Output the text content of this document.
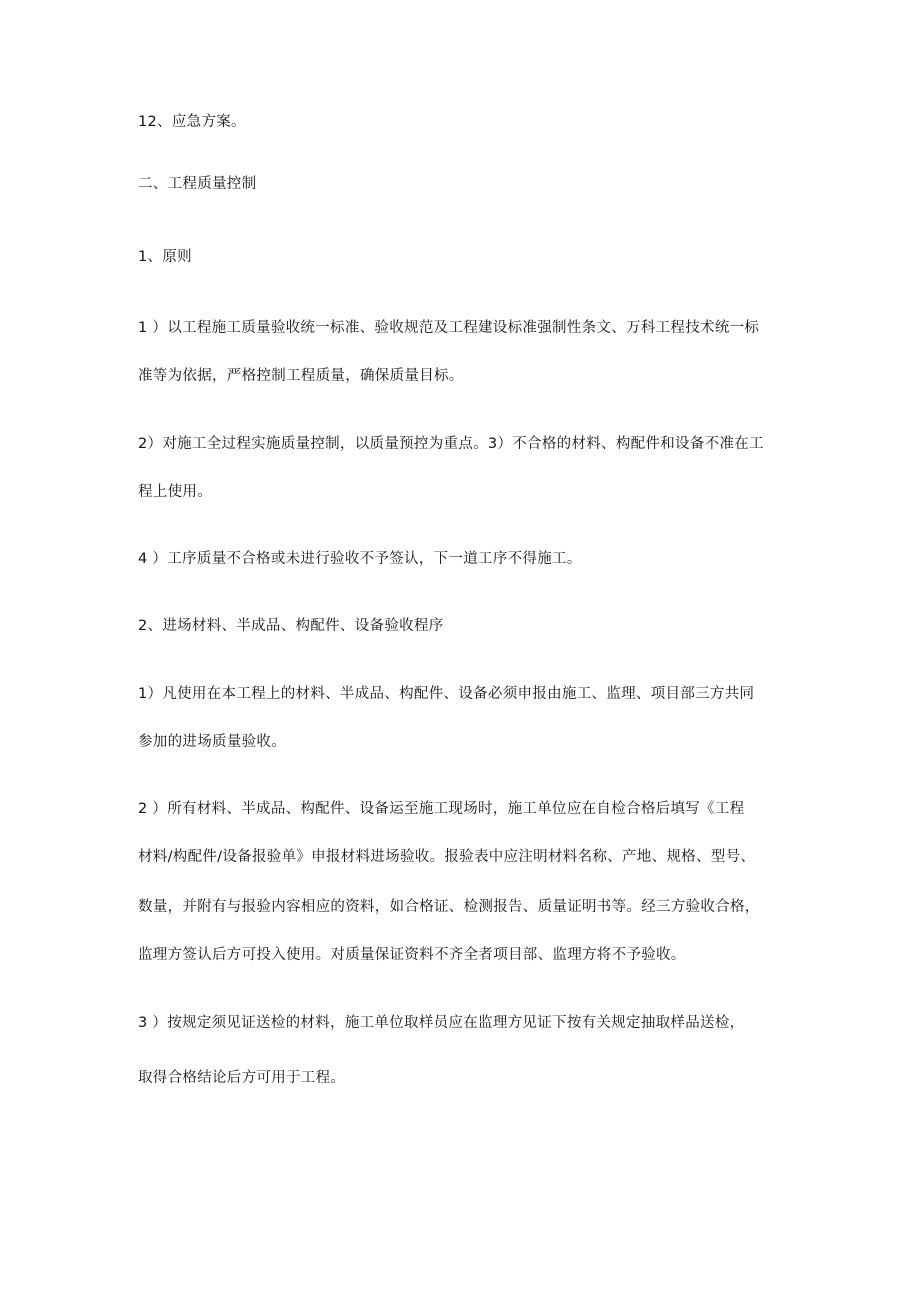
12、应急方案。
二、工程质量控制
1、原则
1 ）以工程施工质量验收统一标准、验收规范及工程建设标准强制性条文、万科工程技术统一标
准等为依据，严格控制工程质量，确保质量目标。
2）对施工全过程实施质量控制，以质量预控为重点。3）不合格的材料、构配件和设备不准在工
程上使用。
4 ）工序质量不合格或未进行验收不予签认，下一道工序不得施工。
2、进场材料、半成品、构配件、设备验收程序
1）凡使用在本工程上的材料、半成品、构配件、设备必须申报由施工、监理、项目部三方共同
参加的进场质量验收。
2 ）所有材料、半成品、构配件、设备运至施工现场时，施工单位应在自检合格后填写《工程
材料/构配件/设备报验单》申报材料进场验收。报验表中应注明材料名称、产地、规格、型号、
数量，并附有与报验内容相应的资料，如合格证、检测报告、质量证明书等。经三方验收合格，
监理方签认后方可投入使用。对质量保证资料不齐全者项目部、监理方将不予验收。
3 ）按规定须见证送检的材料，施工单位取样员应在监理方见证下按有关规定抽取样品送检，
取得合格结论后方可用于工程。
